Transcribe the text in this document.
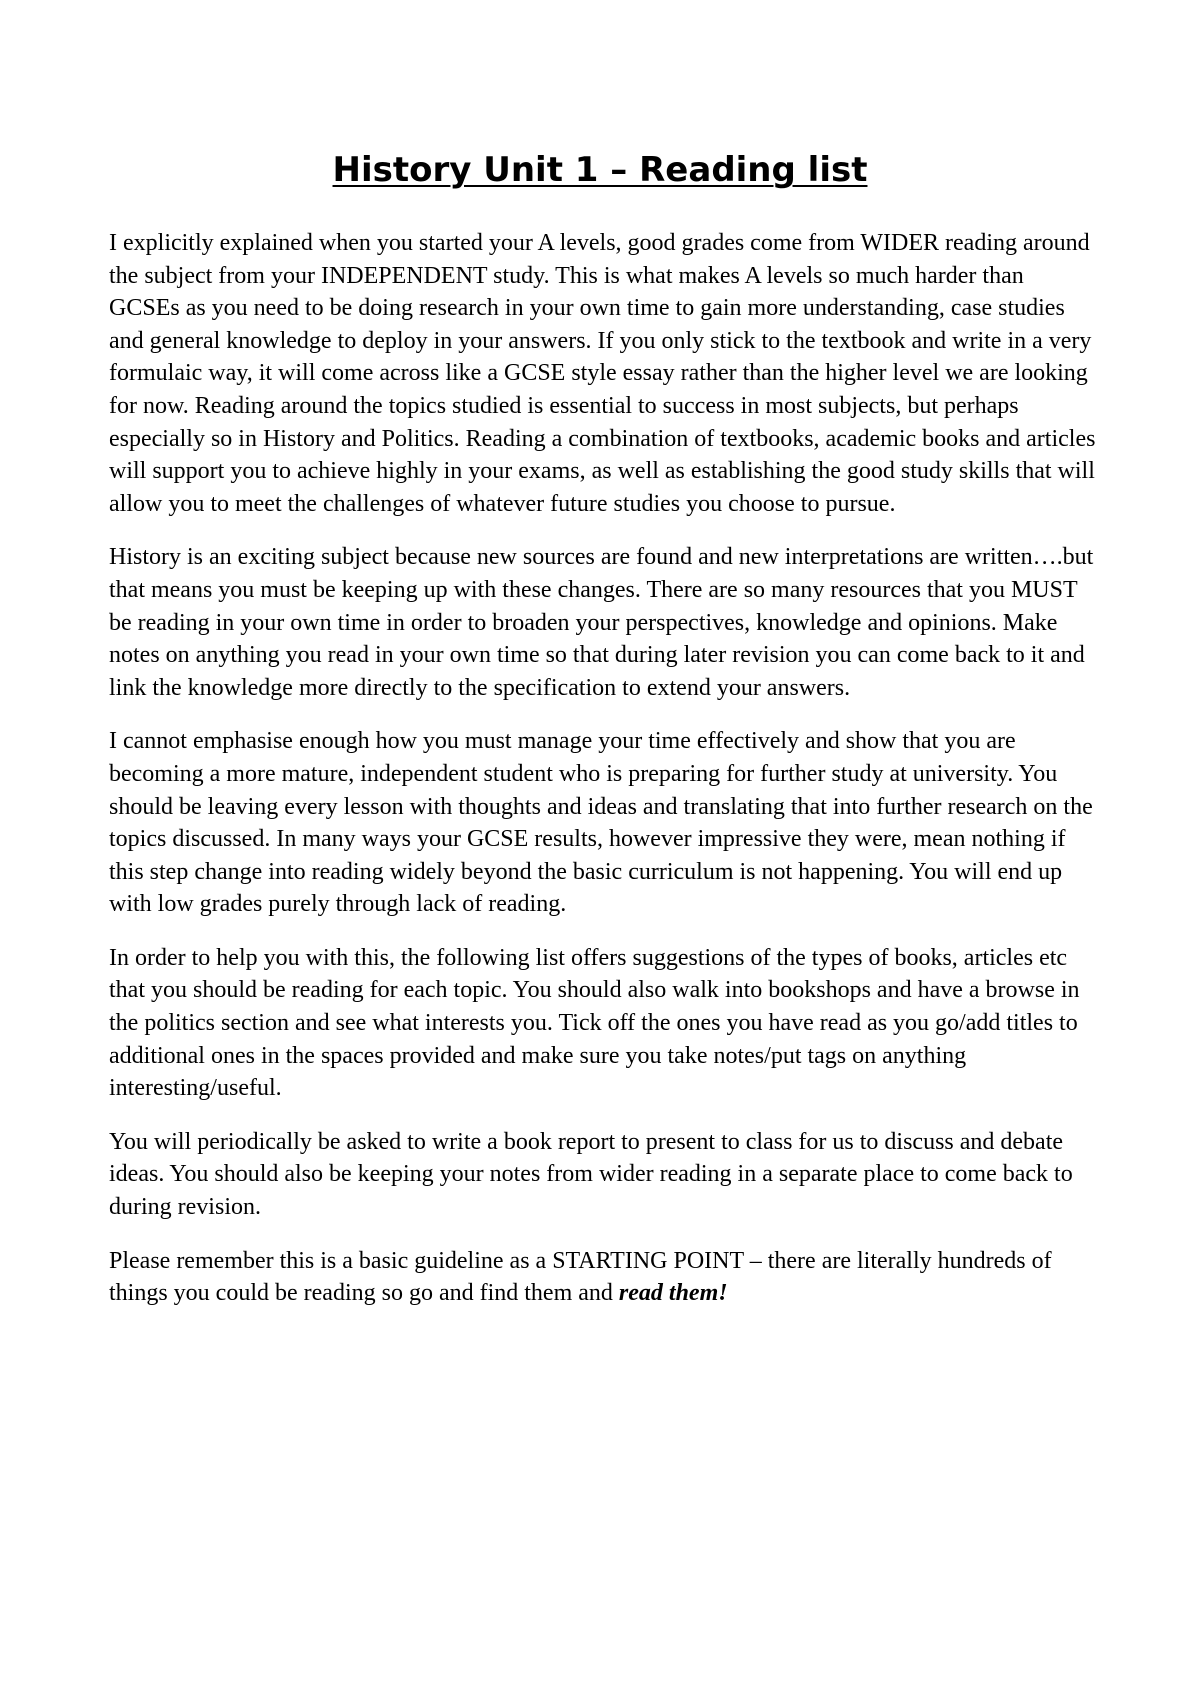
History Unit 1 – Reading list

I explicitly explained when you started your A levels, good grades come from WIDER reading around the subject from your INDEPENDENT study. This is what makes A levels so much harder than GCSEs as you need to be doing research in your own time to gain more understanding, case studies and general knowledge to deploy in your answers. If you only stick to the textbook and write in a very formulaic way, it will come across like a GCSE style essay rather than the higher level we are looking for now. Reading around the topics studied is essential to success in most subjects, but perhaps especially so in History and Politics. Reading a combination of textbooks, academic books and articles will support you to achieve highly in your exams, as well as establishing the good study skills that will allow you to meet the challenges of whatever future studies you choose to pursue.

History is an exciting subject because new sources are found and new interpretations are written….but that means you must be keeping up with these changes. There are so many resources that you MUST be reading in your own time in order to broaden your perspectives, knowledge and opinions. Make notes on anything you read in your own time so that during later revision you can come back to it and link the knowledge more directly to the specification to extend your answers.

I cannot emphasise enough how you must manage your time effectively and show that you are becoming a more mature, independent student who is preparing for further study at university. You should be leaving every lesson with thoughts and ideas and translating that into further research on the topics discussed. In many ways your GCSE results, however impressive they were, mean nothing if this step change into reading widely beyond the basic curriculum is not happening. You will end up with low grades purely through lack of reading.

In order to help you with this, the following list offers suggestions of the types of books, articles etc that you should be reading for each topic. You should also walk into bookshops and have a browse in the politics section and see what interests you. Tick off the ones you have read as you go/add titles to additional ones in the spaces provided and make sure you take notes/put tags on anything interesting/useful.

You will periodically be asked to write a book report to present to class for us to discuss and debate ideas. You should also be keeping your notes from wider reading in a separate place to come back to during revision.

Please remember this is a basic guideline as a STARTING POINT – there are literally hundreds of things you could be reading so go and find them and read them!
